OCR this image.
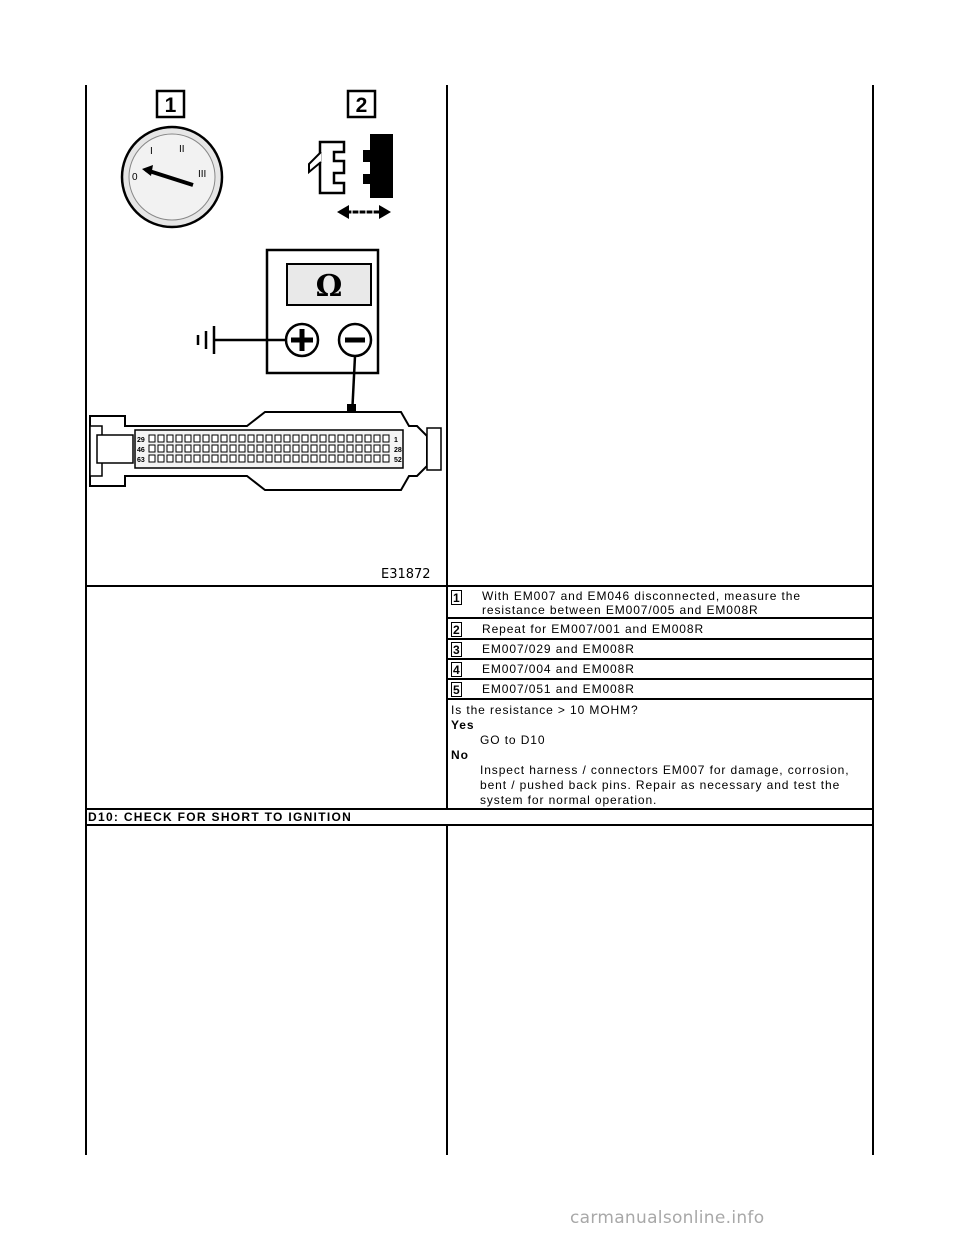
1	2
0
I	II
III
Ω
29
46
63
1
28
52
E31872
1 With EM007 and EM046 disconnected, measure the
resistance between EM007/005 and EM008R
2 Repeat for EM007/001 and EM008R
3 EM007/029 and EM008R
4 EM007/004 and EM008R
5 EM007/051 and EM008R
Is the resistance > 10 MOHM?
Yes
GO to D10
No
Inspect harness / connectors EM007 for damage, corrosion,
bent / pushed back pins. Repair as necessary and test the
system for normal operation.
D10: CHECK FOR SHORT TO IGNITION
carmanualsonline.info
